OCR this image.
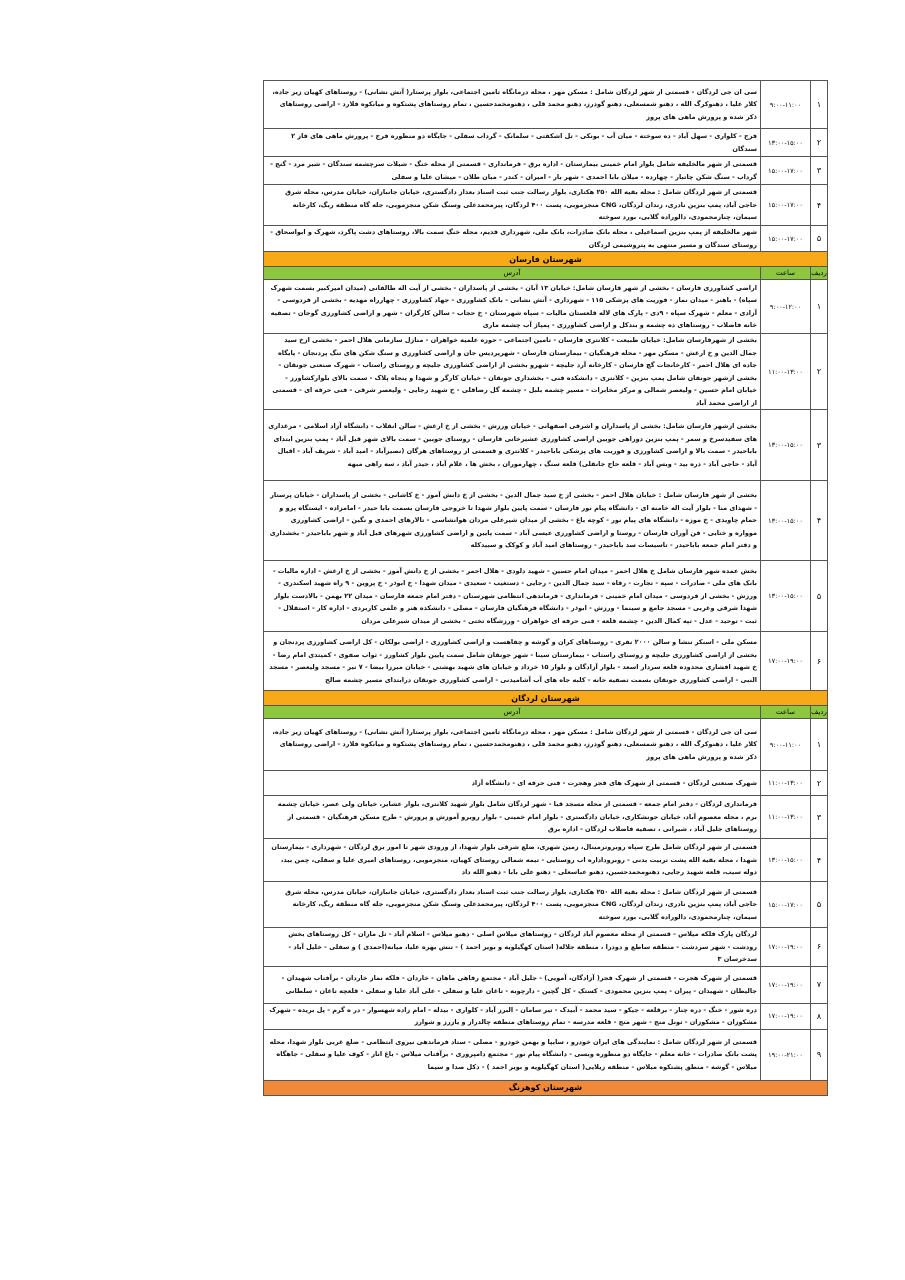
۱	۹:۰۰-۱۱:۰۰	سی ان جی لردگان - قسمتی از شهر لردگان شامل : مسکن مهر ، محله درمانگاه تامین اجتماعی، بلوار پرستار( آتش نشانی) - روستاهای کهیان زیر جاده، کلار علیا ، دهنوکرگ الله ، دهنو شمسعلی، دهنو گودرز، دهنو محمد قلی ، دهنومحمدحسین ، تمام روستاهای پشتکوه و میانکوه فلارد - اراضی روستاهای ذکر شده و پرورش ماهی های پروز
۲	۱۳:۰۰-۱۵:۰۰	فرج - کلواری - سهل آباد - ده سوخته - میان آب - بونکی - تل اشکفتی - سلمانک - گرداب سفلی - جایگاه دو منظوره فرج - پرورش ماهی های فاز ۲ سندگان
۳	۱۵:۰۰-۱۷:۰۰	قسمتی از شهر مالخلیفه شامل بلوار امام خمینی بیمارستان - اداره برق - فرمانداری - قسمتی از محله خنگ - شیلات سرچشمه سندگان - شیر مرد - گنج - گرداب - سنگ شکن چاتبار - چهارده - میلان بابا احمدی - شهر بار - امیران - کندر - میان طلان - میشان علیا و سفلی
۴	۱۵:۰۰-۱۷:۰۰	قسمتی از شهر لردگان شامل : محله بقیه الله ۲۵۰ هکتاری، بلوار رسالت جنب ثبت اسناد بعداز دادگستری، خیابان جانبازان، خیابان مدرس، محله شرق حاجی آباد، پمپ بنزین نادری، زندان لردگان، CNG منجزموبی، پست ۴۰۰ لردگان، پیرمحمدعلی وسنگ شکن منجزموبی، جله گاه منطقه ربگ، کارخانه سیمان، چنارمحمودی، دالوراده گلابی، بورد سوخته
۵	۱۵:۰۰-۱۷:۰۰	شهر مالخلیفه از پمپ بنزین اسماعیلی ، محله بانک صادرات، بانک ملی، شهرداری قدیم، محله خنگ سمت بالا، روستاهای دشت پاگرد، شهرک و ابواسحاق - روستای سندگان و مسیر منتهی به پتروشیمی لردگان
شهرستان فارسان		
ردیف	ساعت	آدرس
۱	۹:۰۰-۱۲:۰۰	اراضی کشاورزی فارسان - بخشی از شهر فارسان شامل: خیابان ۱۳ آبان - بخشی از پاسداران - بخشی از آیت اله طالقانی (میدان امیرکبیر بسمت شهرک سپاه) - باهنر - میدان نماز - فوریت های پزشکی ۱۱۵ - شهرداری - آتش نشانی - بانک کشاورزی - جهاد کشاورزی - چهارراه مهدیه - بخشی از فردوسی - آزادی - معلم - شهرک سپاه - ۹دی - پارک های لاله قلعستان مالیات - سپاه شهرستان - خ حجاب - سالن کارگران - شهر و اراضی کشاورزی گوجان - تصفیه خانه فاضلاب - روستاهای ده چشمه و بندکل و اراضی کشاورزی - پمپاژ آب چشمه ماری
۲	۱۱:۰۰-۱۳:۰۰	بخشی از شهرفارسان شامل: خیابان طبیعت - کلانتری فارسان - تامین اجتماعی - حوزه علمیه خواهران - منازل سازمانی هلال احمر - بخشی ازخ سید جمال الدین و خ ارغش - مسکن مهر - محله فرهنگیان - بیمارستان فارسان - شهرپردیس جان و اراضی کشاورزی و سنگ شکن های تنگ پردنجان - پایگاه جاده ای هلال احمر - کارخانجات گچ فارسان - کارخانه آرد جلیچه - شهرو بخشی از اراضی کشاورزی جلیچه و روستای راستاب - شهرک صنعتی جونقان - بخشی ازشهر جونقان شامل پمپ بنزین - کلانتری - دانشکده فنی - بخشداری جونقان - خیابان کارگر و شهدا و پنجاه پلاک - سمت بالای بلوارکشاورز - خیابان امام حسین - ولیعصر شمالی و مرکز مخابرات - مسیر چشمه بلبل - چشمه گل رضاقلی - خ شهید رجایی - ولیعصر شرقی - فنی حرفه ای - قسمتی از اراضی محمد آباد
۳	۱۳:۰۰-۱۵:۰۰	بخشی ازشهر فارسان شامل: بخشی از پاسداران و اشرفی اصفهانی - خیابان ورزش - بخشی از خ ارغش - سالن انقلاب - دانشگاه آزاد اسلامی - مرغداری های سفیدسرخ و سمر - پمپ بنزین دوراهی جوبین اراضی کشاورزی عشیرخانی فارسان - روستای جوبین - سمت بالای شهر قبل آباد - پمپ بنزین ابتدای باباحیدر - سمت بالا و اراضی کشاورزی و فوریت های پزشکی باباحیدر - کلانتری و قسمتی از روستاهای هرگان (نصیرآباد - امید آباد - شریف آباد - اقبال آباد - حاجی آباد - دره بید - وبس آباد - قلعه حاج جانقلی) قلعه سنگ ، چهارموران ، بخش ها ، غلام آباد ، حیدر آباد ، سه راهی مبهه
۴	۱۳:۰۰-۱۵:۰۰	بخشی از شهر فارسان شامل : خیابان هلال احمر - بخشی از خ سید جمال الدین - بخشی از خ دانش آموز - خ کاشانی - بخشی از پاسداران - خیابان پرستار - شهدای منا - بلوار آیت اله خامنه ای - دانشگاه پیام نور فارسان - سمت پایین بلوار شهدا تا خروجی فارسان بسمت بابا حیدر - امامزاده - ایستگاه پرو و حمام چاویدی - خ موزه - دانشگاه های پیام نور - کوچه باغ - بخشی از میدان شیرعلی مردان هوانشاسی - تالارهای احمدی و نگین - اراضی کشاورزی موواره و ختایی - فن آوران فارسان - روستا و اراضی کشاورزی عیسی آباد - سمت پایین و اراضی کشاورزی شهرهای قبل آباد و شهر باباحیدر - بخشداری و دفتر امام جمعه باباحیدر - تاسیسات سد باباحیدر - روستاهای امید آباد و کوکک و سبیدکله
۵	۱۳:۰۰-۱۵:۰۰	بخش عمده شهر فارسان شامل خ هلال احمر - میدان امام حسین - شهید دلودی - هلال احمر - بخشی از خ دانش آموز - بخشی از خ ارغش - اداره مالیات - بانک های ملی - صادرات - سپه - تجارت - رفاه - سید جمال الدین - رجایی - دستغیب - سعیدی - میدان شهدا - خ ابوذر - خ پروین - ۹ راه شهید اسکندری - ورزش - بخشی از فردوسی - میدان امام خمینی - فرمانداری - فرماندهی انتظامی شهرستان - دفتر امام جمعه فارسان - میدان ۲۲ بهمن - بالادست بلوار شهدا شرقی وغربی - مسجد جامع و سینما - ورزش - ابوذر - دانشگاه فرهنگیان فارسان - مصلی - دانشکده هنر و علمی کاربردی - اداره کار - استقلال - ثبت - توحید - عدل - تپه کمال الدین - چشمه قلعه - فنی حرفه ای خواهران - ورزشگاه تختی - بخشی از میدان شیرعلی مردان
۶	۱۷:۰۰-۱۹:۰۰	مسکن ملی - اسنکر ننشا و سالن ۲۰۰۰ نفری - روستاهای کران و گوشه و چفاهست و اراضی کشاورزی - اراضی بولکان - کل اراضی کشاورزی پردنجان و بخشی از اراضی کشاورزی جلیچه و روستای راستاب - بیمارستان سینا - شهر جونقان شامل سمت پایین بلوار کشاورز - ثواب صفوی - کمیتدی امام رضا - خ شهید افشاری محدوده قلعه سردار اسعد - بلوار آزادگان و بلوار ۱۵ خرداد و خیابان های شهید بهشتی - خیابان میرزا بیضا - ۷ تیر - مسجد ولیعصر - مسجد النبی - اراضی کشاورزی جونقان بسمت تصفیه خانه - کلبه جاه های آب آشامیدنی - اراضی کشاورزی جونقان درابتدای مسیر چشمه صالح
شهرستان لردگان		
ردیف	ساعت	آدرس
۱	۹:۰۰-۱۱:۰۰	سی ان جی لردگان - قسمتی از شهر لردگان شامل : مسکن مهر ، محله درمانگاه تامین اجتماعی، بلوار پرستار( آتش نشانی) - روستاهای کهیان زیر جاده، کلار علیا ، دهنوکرگ الله ، دهنو شمسعلی، دهنو گودرز، دهنو محمد قلی ، دهنومحمدحسین ، تمام روستاهای پشتکوه و میانکوه فلارد - اراضی روستاهای ذکر شده و پرورش ماهی های پروز
۲	۱۱:۰۰-۱۳:۰۰	شهرک صنعتی لردگان - قسمتی از شهرک های فجر وهجرت - فنی حرفه ای - دانشگاه آزاد
۳	۱۱:۰۰-۱۳:۰۰	فرمانداری لردگان - دفتر امام جمعه - قسمتی از محله مسجد قبا - شهر لردگان شامل بلوار شهید کلانتری، بلوار عشایر، خیابان ولی عصر، خیابان چشمه برم ، محله معصوم آباد، خیابان جونشکاری، خیابان دادگستری - بلوار امام خمینی - بلوار روبرو آموزش و پرورش - طرح مسکن فرهنگیان - قسمتی از روستاهای جلیل آباد ، شیرانی ، تصفیه فاضلاب لردگان - اداره برق
۴	۱۳:۰۰-۱۵:۰۰	قسمتی از شهر لردگان شامل طرح سپاه روبروترمینال، زمین شهری، ضلع شرقی بلوار شهدا، از ورودی شهر تا امور برق لردگان - شهرداری - بیمارستان شهدا ، محله بقیه الله پشت تربیت بدنی - روبروداداره اب روستایی - تیمه شمالی روستای کهیان، منجزموبی، روستاهای امیری علیا و سفلی، چمن بید، دوله سیب، قلعه شهید رجایی، دهنومحمدحسین، دهنو عباسعلی - دهنو علی بابا - دهنو الله داد
۵	۱۵:۰۰-۱۷:۰۰	قسمتی از شهر لردگان شامل : محله بقیه الله ۲۵۰ هکتاری، بلوار رسالت جنب ثبت اسناد بعداز دادگستری، خیابان جانبازان، خیابان مدرس، محله شرق حاجی آباد، پمپ بنزین نادری، زندان لردگان، CNG منجزموبی، پست ۴۰۰ لردگان، پیرمحمدعلی وسنگ شکن منجزموبی، جله گاه منطقه ربگ، کارخانه سیمان، چنارمحمودی، دالوراده گلابی، بورد سوخته
۶	۱۷:۰۰-۱۹:۰۰	لردگان پارک فلکه میلاس - قسمتی از محله معصوم آباد لردگان - روستاهای میلاس اصلی - دهنو میلاس - اسلام آباد - تل ماران - کل روستاهای بخش رودشت - شهر سردشت - منطقه ساطع و دودرا ، منطقه جلاله( استان کهگیلویه و بویر احمد ) - تنش بهره علیا، میانه(احمدی ) و سفلی - خلیل آباد - سدخرسان ۳
۷	۱۷:۰۰-۱۹:۰۰	قسمتی از شهرک هجرت - قسمتی از شهرک فجر( آزادگان، آمویی) - جلیل آباد - مجتمع رفاهی ماهان - خاردان - فلکه نماز خاردان - برآفتاب شهیدان - جالیطان - شهیدان - پیران - پمپ بنزین محمودی - کستک - کل گچین - دارچوبه - تاغان علیا و سفلی - علی آباد علیا و سفلی - قلعچه تاغان - سلطانی
۸	۱۷:۰۰-۱۹:۰۰	دره شور - خنگ - دره چنار - برقلعه - جیکو - سید محمد - آبیدک - تیر سامان - البرز آباد - کلواری - بیدله - امام زاده شهسوار - در ه گرم - پل بریده - شهرک مشکوزان - مشکوزان - تونل منج - شهر منج - قلعه مدرسه - تمام روستاهای منطقه چالدراز و یازرز و شوارز
۹	۱۹:۰۰-۲۱:۰۰	قسمتی از شهر لردگان شامل : نمایندگی های ایران خودرو ، سایپا و بهمن خودرو - مصلی - ستاد فرماندهی نیروی انتظامی - ضلع غربی بلوار شهدا، محله پشت بانک صادرات - خانه معلم - جایگاه دو منظوره وبسی - دانشگاه پیام نور - مجتمع دامپروری - برآفتاب میلاس - باغ انار - کوف علیا و سفلی - جاهگاه میلاس - گوشه - منطق پشتکوه میلاس - منطقه زیلایی( استان کهگیلویه و بویر احمد ) - دکل صدا و سیما
شهرستان کوهرنگ		
